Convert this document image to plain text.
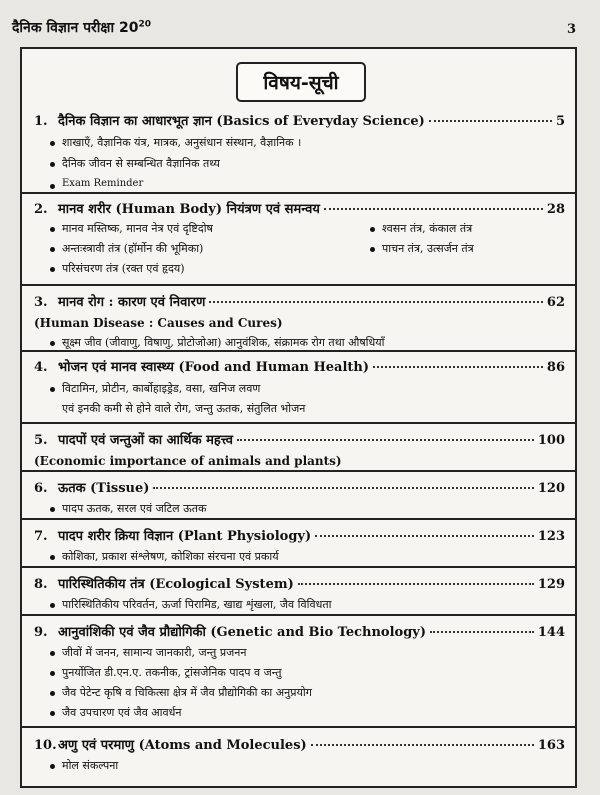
दैनिक विज्ञान परीक्षा $20^{20}$	3
विषय-सूची
1. दैनिक विज्ञान का आधारभूत ज्ञान (Basics of Everyday Science)	5
शाखाएँ, वैज्ञानिक यंत्र, मात्रक, अनुसंधान संस्थान, वैज्ञानिक ।
दैनिक जीवन से सम्बन्धित वैज्ञानिक तथ्य
Exam Reminder
2. मानव शरीर (Human Body) नियंत्रण एवं समन्वय	28
मानव मस्तिष्क, मानव नेत्र एवं दृष्टिदोष	श्वसन तंत्र, कंकाल तंत्र
अन्तःस्त्रावी तंत्र (हॉर्मोन की भूमिका)	पाचन तंत्र, उत्सर्जन तंत्र
परिसंचरण तंत्र (रक्त एवं हृदय)
3. मानव रोग : कारण एवं निवारण	62
(Human Disease : Causes and Cures)
सूक्ष्म जीव (जीवाणु, विषाणु, प्रोटोजोआ) आनुवंशिक, संक्रामक रोग तथा औषधियाँ
4. भोजन एवं मानव स्वास्थ्य (Food and Human Health)	86
विटामिन, प्रोटीन, कार्बोहाइड्रेड, वसा, खनिज लवण
एवं इनकी कमी से होने वाले रोग, जन्तु ऊतक, संतुलित भोजन
5. पादपों एवं जन्तुओं का आर्थिक महत्त्व	100
(Economic importance of animals and plants)
6. ऊतक (Tissue)	120
पादप ऊतक, सरल एवं जटिल ऊतक
7. पादप शरीर क्रिया विज्ञान (Plant Physiology)	123
कोशिका, प्रकाश संश्लेषण, कोशिका संरचना एवं प्रकार्य
8. पारिस्थितिकीय तंत्र (Ecological System)	129
पारिस्थितिकीय परिवर्तन, ऊर्जा पिरामिड, खाद्य शृंखला, जैव विविधता
9. आनुवांशिकी एवं जैव प्रौद्योगिकी (Genetic and Bio Technology)	144
जीवों में जनन, सामान्य जानकारी, जन्तु प्रजनन
पुनर्योजित डी.एन.ए. तकनीक, ट्रांसजेनिक पादप व जन्तु
जैव पेटेन्ट कृषि व चिकित्सा क्षेत्र में जैव प्रौद्योगिकी का अनुप्रयोग
जैव उपचारण एवं जैव आवर्धन
10. अणु एवं परमाणु (Atoms and Molecules)	163
मोल संकल्पना
